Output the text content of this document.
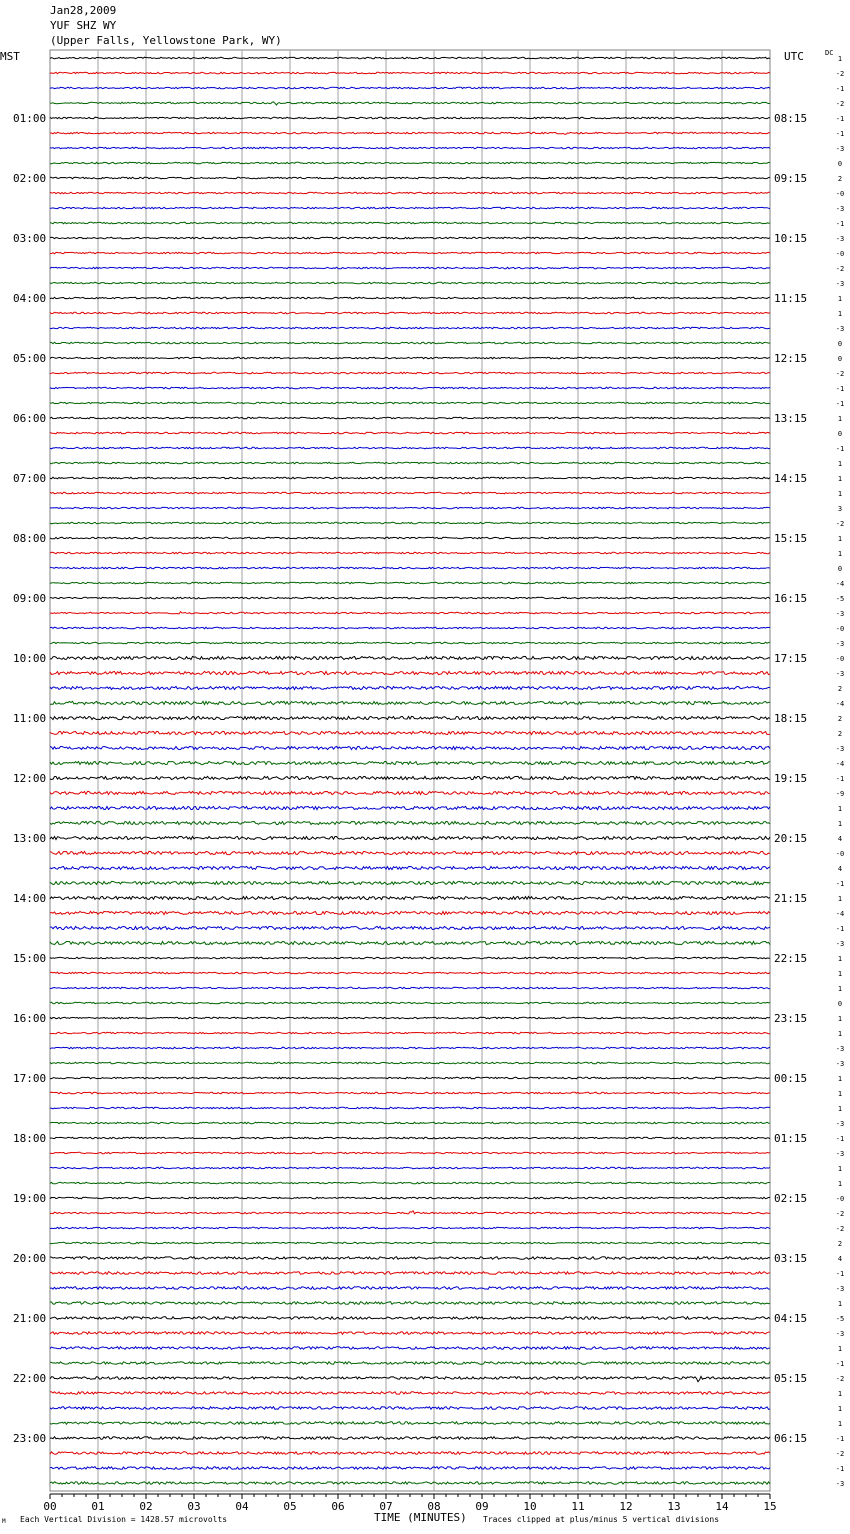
Jan28,2009
YUF SHZ WY
(Upper Falls, Yellowstone Park, WY)
MST	UTC	DC
1
-2
-1
-2
-1
-1
-3
0
2
-0
-3
-1
-3
-0
-2
-3
1
1
-3
0
0
-2
-1
-1
1
0
-1
1
1
1
3
-2
1
1
0
-4
-5
-3
-0
-3
-0
-3
2
-4
2
2
-3
-4
-1
-9
1
1
4
-0
4
-1
1
-4
-1
-3
1
1
1
0
1
1
-3
-3
1
1
1
-3
-1
-3
1
1
-0
-2
-2
2
4
-1
-3
1
-5
-3
1
-1
-2
1
1
1
-1
-2
-1
-3
01:00
02:00
03:00
04:00
05:00
06:00
07:00
08:00
09:00
10:00
11:00
12:00
13:00
14:00
15:00
16:00
17:00
18:00
19:00
20:00
21:00
22:00
23:00
08:15
09:15
10:15
11:15
12:15
13:15
14:15
15:15
16:15
17:15
18:15
19:15
20:15
21:15
22:15
23:15
00:15
01:15
02:15
03:15
04:15
05:15
06:15
00	01	02	03	04	05	06	07	08	09	10	11	12	13	14	15
Each Vertical Division = 1428.57 microvolts	TIME (MINUTES) Traces clipped at plus/minus 5 vertical divisions
M
